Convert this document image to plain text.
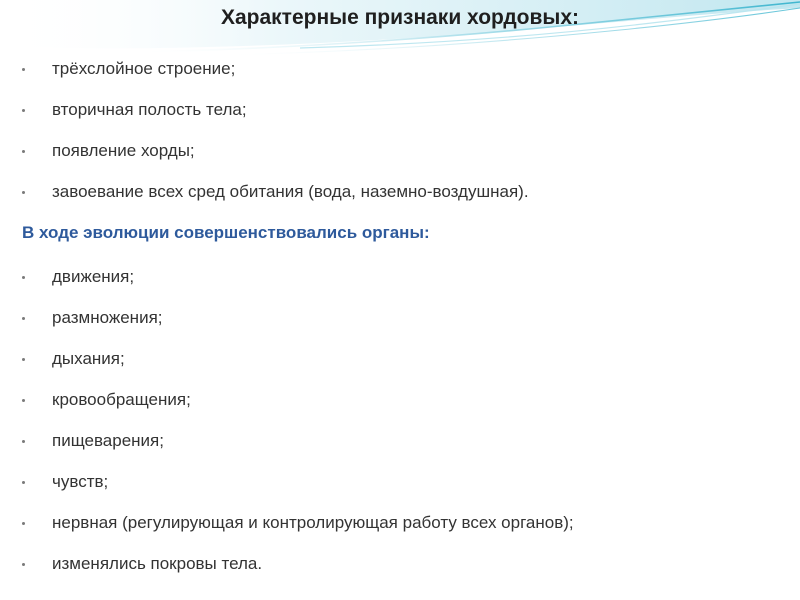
Характерные признаки хордовых:
трёхслойное строение;
вторичная полость тела;
появление хорды;
завоевание всех сред обитания (вода, наземно-воздушная).
В ходе эволюции совершенствовались органы:
движения;
размножения;
дыхания;
кровообращения;
пищеварения;
чувств;
нервная (регулирующая и контролирующая работу всех органов);
изменялись покровы тела.
